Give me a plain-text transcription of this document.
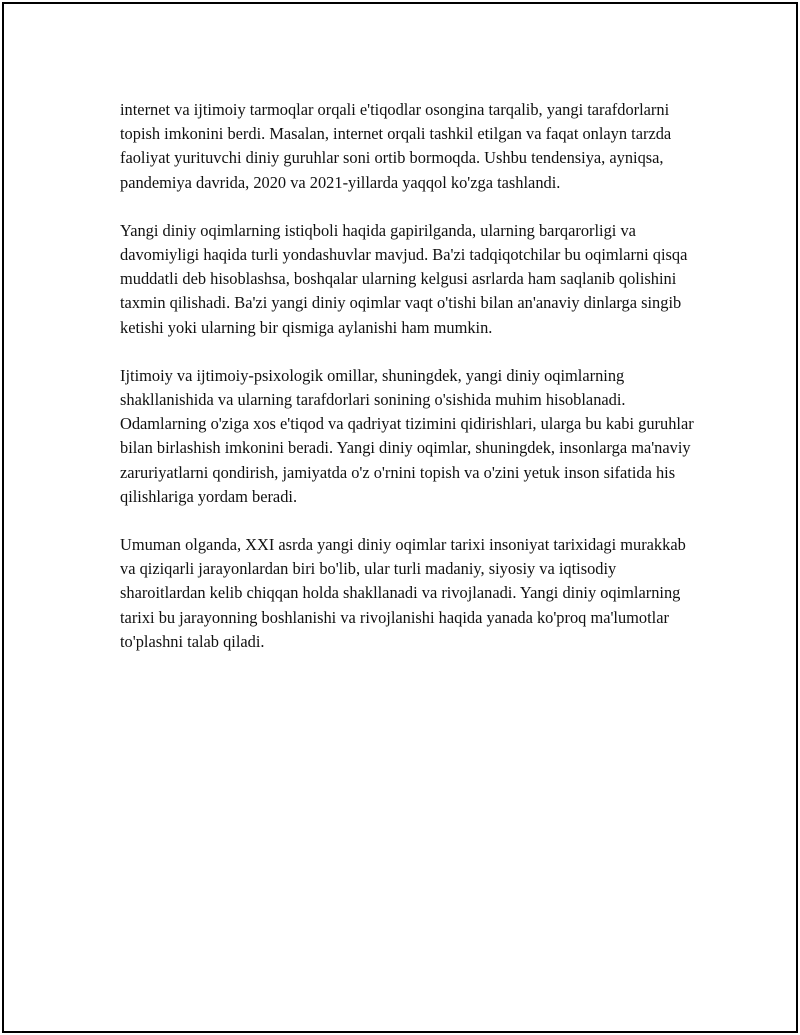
internet va ijtimoiy tarmoqlar orqali e'tiqodlar osongina tarqalib, yangi tarafdorlarni topish imkonini berdi. Masalan, internet orqali tashkil etilgan va faqat onlayn tarzda faoliyat yurituvchi diniy guruhlar soni ortib bormoqda. Ushbu tendensiya, ayniqsa, pandemiya davrida, 2020 va 2021-yillarda yaqqol ko'zga tashlandi.

Yangi diniy oqimlarning istiqboli haqida gapirilganda, ularning barqarorligi va davomiyligi haqida turli yondashuvlar mavjud. Ba'zi tadqiqotchilar bu oqimlarni qisqa muddatli deb hisoblashsa, boshqalar ularning kelgusi asrlarda ham saqlanib qolishini taxmin qilishadi. Ba'zi yangi diniy oqimlar vaqt o'tishi bilan an'anaviy dinlarga singib ketishi yoki ularning bir qismiga aylanishi ham mumkin.

Ijtimoiy va ijtimoiy-psixologik omillar, shuningdek, yangi diniy oqimlarning shakllanishida va ularning tarafdorlari sonining o'sishida muhim hisoblanadi. Odamlarning o'ziga xos e'tiqod va qadriyat tizimini qidirishlari, ularga bu kabi guruhlar bilan birlashish imkonini beradi. Yangi diniy oqimlar, shuningdek, insonlarga ma'naviy zaruriyatlarni qondirish, jamiyatda o'z o'rnini topish va o'zini yetuk inson sifatida his qilishlariga yordam beradi.

Umuman olganda, XXI asrda yangi diniy oqimlar tarixi insoniyat tarixidagi murakkab va qiziqarli jarayonlardan biri bo'lib, ular turli madaniy, siyosiy va iqtisodiy sharoitlardan kelib chiqqan holda shakllanadi va rivojlanadi. Yangi diniy oqimlarning tarixi bu jarayonning boshlanishi va rivojlanishi haqida yanada ko'proq ma'lumotlar to'plashni talab qiladi.
